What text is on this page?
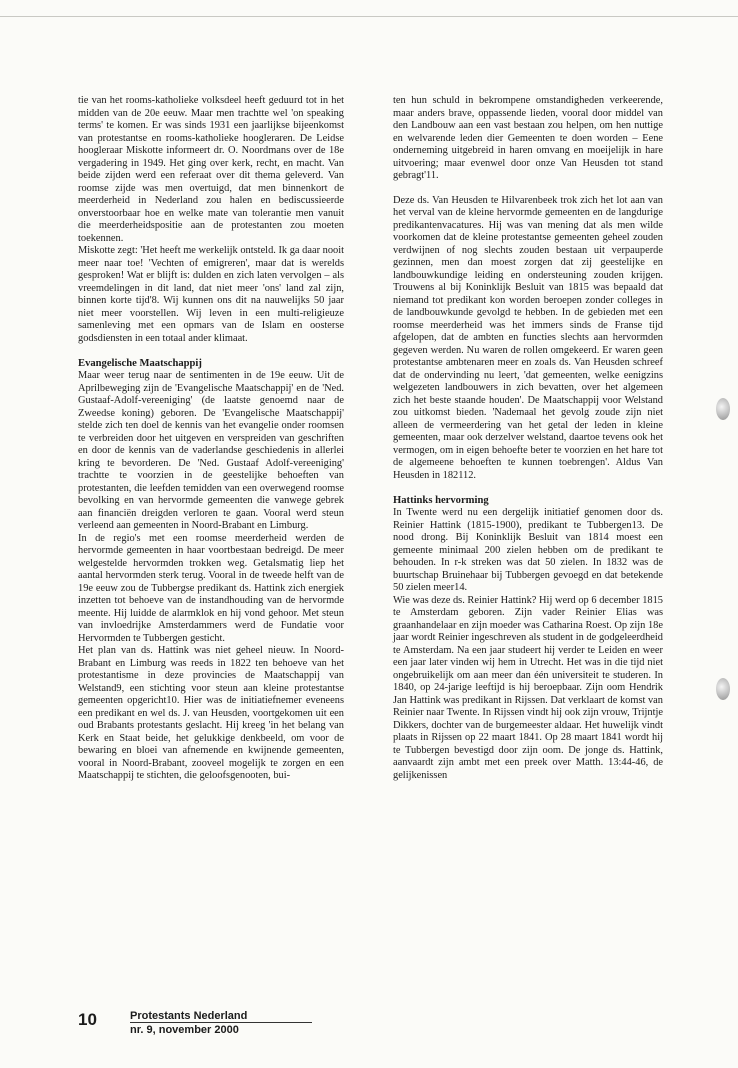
tie van het rooms-katholieke volksdeel heeft geduurd tot in het midden van de 20e eeuw. Maar men trachtte wel 'on speaking terms' te komen. Er was sinds 1931 een jaarlijkse bijeenkomst van protestantse en rooms-katholieke hoogleraren. De Leidse hoogleraar Miskotte informeert dr. O. Noordmans over de 18e vergadering in 1949. Het ging over kerk, recht, en macht. Van beide zijden werd een referaat over dit thema geleverd. Van roomse zijde was men overtuigd, dat men binnenkort de meerderheid in Nederland zou halen en bediscussieerde onverstoorbaar hoe en welke mate van tolerantie men vanuit die meerderheidspositie aan de protestanten zou moeten toekennen.

Miskotte zegt: 'Het heeft me werkelijk ontsteld. Ik ga daar nooit meer naar toe! 'Vechten of emigreren', maar dat is werelds gesproken! Wat er blijft is: dulden en zich laten vervolgen – als vreemdelingen in dit land, dat niet meer 'ons' land zal zijn, binnen korte tijd'8. Wij kunnen ons dit na nauwelijks 50 jaar niet meer voorstellen. Wij leven in een multi-religieuze samenleving met een opmars van de Islam en oosterse godsdiensten in een totaal ander klimaat.

Evangelische Maatschappij

Maar weer terug naar de sentimenten in de 19e eeuw. Uit de Aprilbeweging zijn de 'Evangelische Maatschappij' en de 'Ned. Gustaaf-Adolf-vereeniging' (de laatste genoemd naar de Zweedse koning) geboren. De 'Evangelische Maatschappij' stelde zich ten doel de kennis van het evangelie onder roomsen te verbreiden door het uitgeven en verspreiden van geschriften en door de kennis van de vaderlandse geschiedenis in allerlei kring te bevorderen. De 'Ned. Gustaaf Adolf-vereeniging' trachtte te voorzien in de geestelijke behoeften van protestanten, die leefden temidden van een overwegend roomse bevolking en van hervormde gemeenten die vanwege gebrek aan financiën dreigden verloren te gaan. Vooral werd steun verleend aan gemeenten in Noord-Brabant en Limburg.

In de regio's met een roomse meerderheid werden de hervormde gemeenten in haar voortbestaan bedreigd. De meer welgestelde hervormden trokken weg. Getalsmatig liep het aantal hervormden sterk terug. Vooral in de tweede helft van de 19e eeuw zou de Tubbergse predikant ds. Hattink zich energiek inzetten tot behoeve van de instandhouding van de hervormde meente. Hij luidde de alarmklok en hij vond gehoor. Met steun van invloedrijke Amsterdammers werd de Fundatie voor Hervormden te Tubbergen gesticht.

Het plan van ds. Hattink was niet geheel nieuw. In Noord-Brabant en Limburg was reeds in 1822 ten behoeve van het protestantisme in deze provincies de Maatschappij van Welstand9, een stichting voor steun aan kleine protestantse gemeenten opgericht10. Hier was de initiatiefnemer eveneens een predikant en wel ds. J. van Heusden, voortgekomen uit een oud Brabants protestants geslacht. Hij kreeg 'in het belang van Kerk en Staat beide, het gelukkige denkbeeld, om voor de bewaring en bloei van afnemende en kwijnende gemeenten, vooral in Noord-Brabant, zooveel mogelijk te zorgen en een Maatschappij te stichten, die geloofsgenooten, bui-

ten hun schuld in bekrompene omstandigheden verkeerende, maar anders brave, oppassende lieden, vooral door middel van den Landbouw aan een vast bestaan zou helpen, om hen nuttige en welvarende leden dier Gemeenten te doen worden – Eene onderneming uitgebreid in haren omvang en moeijelijk in hare uitvoering; maar evenwel door onze Van Heusden tot stand gebragt'11.

Deze ds. Van Heusden te Hilvarenbeek trok zich het lot aan van het verval van de kleine hervormde gemeenten en de langdurige predikantenvacatures. Hij was van mening dat als men wilde voorkomen dat de kleine protestantse gemeenten geheel zouden verdwijnen of nog slechts zouden bestaan uit verpauperde gezinnen, men dan moest zorgen dat zij geestelijke en landbouwkundige leiding en ondersteuning zouden krijgen. Trouwens al bij Koninklijk Besluit van 1815 was bepaald dat niemand tot predikant kon worden beroepen zonder colleges in de landbouwkunde gevolgd te hebben. In de gebieden met een roomse meerderheid was het immers sinds de Franse tijd afgelopen, dat de ambten en functies slechts aan hervormden gegeven werden. Nu waren de rollen omgekeerd. Er waren geen protestantse ambtenaren meer en zoals ds. Van Heusden schreef dat de ondervinding nu leert, 'dat gemeenten, welke eenigzins welgezeten landbouwers in zich bevatten, over het algemeen zich het beste staande houden'. De Maatschappij voor Welstand zou uitkomst bieden. 'Nademaal het gevolg zoude zijn niet alleen de vermeerdering van het getal der leden in kleine gemeenten, maar ook derzelver welstand, daartoe tevens ook het vermogen, om in eigen behoefte beter te voorzien en het hare tot de algemeene behoeften te kunnen toebrengen'. Aldus Van Heusden in 182112.

Hattinks hervorming

In Twente werd nu een dergelijk initiatief genomen door ds. Reinier Hattink (1815-1900), predikant te Tubbergen13. De nood drong. Bij Koninklijk Besluit van 1814 moest een gemeente minimaal 200 zielen hebben om de predikant te behouden. In r-k streken was dat 50 zielen. In 1832 was de buurtschap Bruinehaar bij Tubbergen gevoegd en dat betekende 50 zielen meer14.

Wie was deze ds. Reinier Hattink? Hij werd op 6 december 1815 te Amsterdam geboren. Zijn vader Reinier Elias was graanhandelaar en zijn moeder was Catharina Roest. Op zijn 18e jaar wordt Reinier ingeschreven als student in de godgeleerdheid te Amsterdam. Na een jaar studeert hij verder te Leiden en weer een jaar later vinden wij hem in Utrecht. Het was in die tijd niet ongebruikelijk om aan meer dan één universiteit te studeren. In 1840, op 24-jarige leeftijd is hij beroepbaar. Zijn oom Hendrik Jan Hattink was predikant in Rijssen. Dat verklaart de komst van Reinier naar Twente. In Rijssen vindt hij ook zijn vrouw, Trijntje Dikkers, dochter van de burgemeester aldaar. Het huwelijk vindt plaats in Rijssen op 22 maart 1841. Op 28 maart 1841 wordt hij te Tubbergen bevestigd door zijn oom. De jonge ds. Hattink, aanvaardt zijn ambt met een preek over Matth. 13:44-46, de gelijkenissen

10	Protestants Nederland
nr. 9, november 2000
